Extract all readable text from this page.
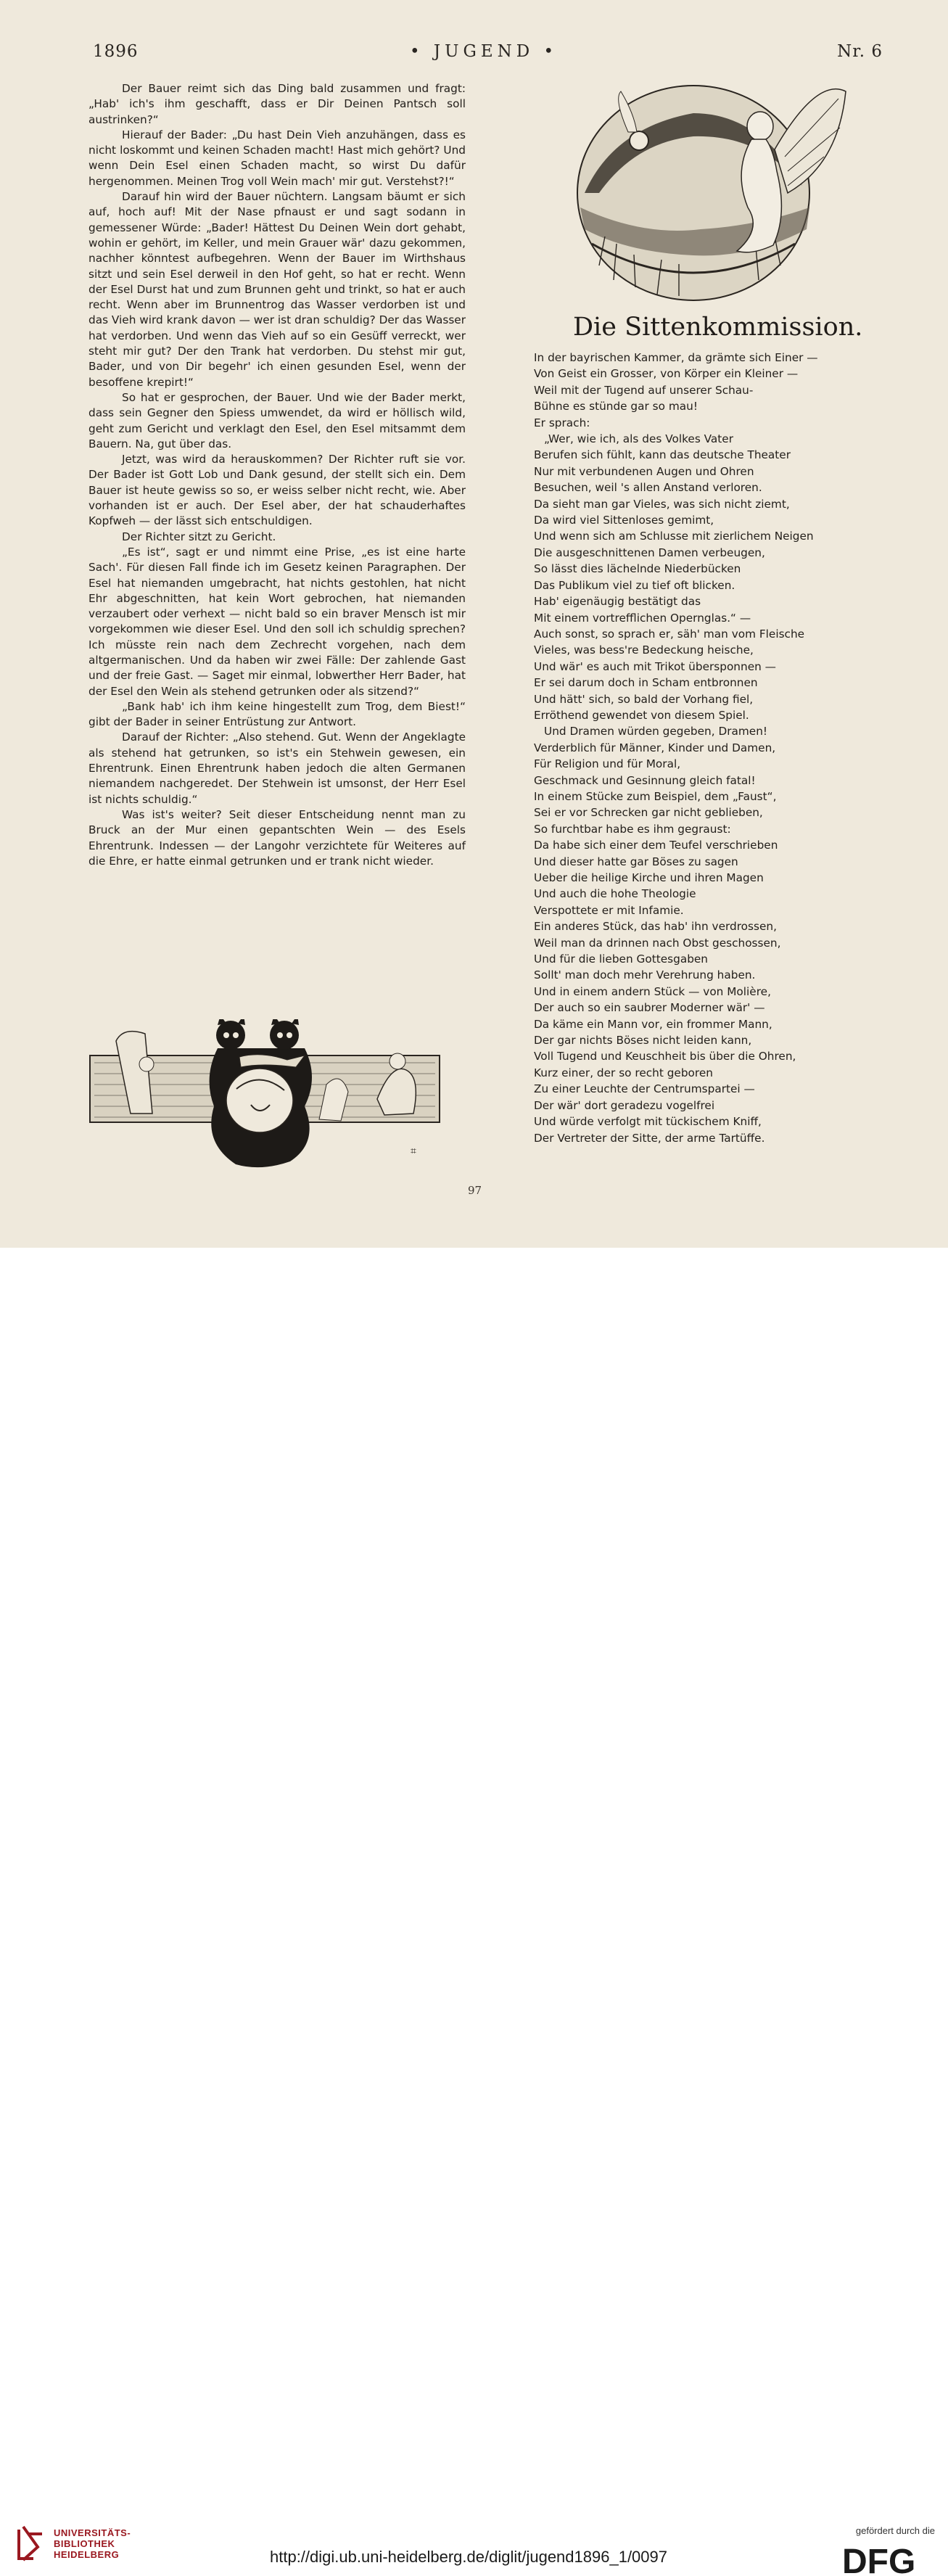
1896	• JUGEND •	Nr. 6

Der Bauer reimt sich das Ding bald zusammen und fragt: „Hab' ich's ihm geschafft, dass er Dir Deinen Pantsch soll austrinken?“

Hierauf der Bader: „Du hast Dein Vieh anzuhängen, dass es nicht loskommt und keinen Schaden macht! Hast mich gehört? Und wenn Dein Esel einen Schaden macht, so wirst Du dafür hergenommen. Meinen Trog voll Wein mach' mir gut. Verstehst?!“

Darauf hin wird der Bauer nüchtern. Langsam bäumt er sich auf, hoch auf! Mit der Nase pfnaust er und sagt sodann in gemessener Würde: „Bader! Hättest Du Deinen Wein dort gehabt, wohin er gehört, im Keller, und mein Grauer wär' dazu gekommen, nachher könntest aufbegehren. Wenn der Bauer im Wirthshaus sitzt und sein Esel derweil in den Hof geht, so hat er recht. Wenn der Esel Durst hat und zum Brunnen geht und trinkt, so hat er auch recht. Wenn aber im Brunnentrog das Wasser verdorben ist und das Vieh wird krank davon — wer ist dran schuldig? Der das Wasser hat verdorben. Und wenn das Vieh auf so ein Gesüff verreckt, wer steht mir gut? Der den Trank hat verdorben. Du stehst mir gut, Bader, und von Dir begehr' ich einen gesunden Esel, wenn der besoffene krepirt!“

So hat er gesprochen, der Bauer. Und wie der Bader merkt, dass sein Gegner den Spiess umwendet, da wird er höllisch wild, geht zum Gericht und verklagt den Esel, den Esel mitsammt dem Bauern. Na, gut über das.

Jetzt, was wird da herauskommen? Der Richter ruft sie vor. Der Bader ist Gott Lob und Dank gesund, der stellt sich ein. Dem Bauer ist heute gewiss so so, er weiss selber nicht recht, wie. Aber vorhanden ist er auch. Der Esel aber, der hat schauderhaftes Kopfweh — der lässt sich entschuldigen.

Der Richter sitzt zu Gericht.

„Es ist“, sagt er und nimmt eine Prise, „es ist eine harte Sach'. Für diesen Fall finde ich im Gesetz keinen Paragraphen. Der Esel hat niemanden umgebracht, hat nichts gestohlen, hat nicht Ehr abgeschnitten, hat kein Wort gebrochen, hat niemanden verzaubert oder verhext — nicht bald so ein braver Mensch ist mir vorgekommen wie dieser Esel. Und den soll ich schuldig sprechen? Ich müsste rein nach dem Zechrecht vorgehen, nach dem altgermanischen. Und da haben wir zwei Fälle: Der zahlende Gast und der freie Gast. — Saget mir einmal, lobwerther Herr Bader, hat der Esel den Wein als stehend getrunken oder als sitzend?“

„Bank hab' ich ihm keine hingestellt zum Trog, dem Biest!“ gibt der Bader in seiner Entrüstung zur Antwort.

Darauf der Richter: „Also stehend. Gut. Wenn der Angeklagte als stehend hat getrunken, so ist's ein Stehwein gewesen, ein Ehrentrunk. Einen Ehrentrunk haben jedoch die alten Germanen niemandem nachgeredet. Der Stehwein ist umsonst, der Herr Esel ist nichts schuldig.“

Was ist's weiter? Seit dieser Entscheidung nennt man zu Bruck an der Mur einen gepantschten Wein — des Esels Ehrentrunk. Indessen — der Langohr verzichtete für Weiteres auf die Ehre, er hatte einmal getrunken und er trank nicht wieder.

Die Sittenkommission.
In der bayrischen Kammer, da grämte sich Einer —
Von Geist ein Grosser, von Körper ein Kleiner —
Weil mit der Tugend auf unserer Schau-
Bühne es stünde gar so mau!
Er sprach:
„Wer, wie ich, als des Volkes Vater
Berufen sich fühlt, kann das deutsche Theater
Nur mit verbundenen Augen und Ohren
Besuchen, weil 's allen Anstand verloren.
Da sieht man gar Vieles, was sich nicht ziemt,
Da wird viel Sittenloses gemimt,
Und wenn sich am Schlusse mit zierlichem Neigen
Die ausgeschnittenen Damen verbeugen,
So lässt dies lächelnde Niederbücken
Das Publikum viel zu tief oft blicken.
Hab' eigenäugig bestätigt das
Mit einem vortrefflichen Opernglas.“ —
Auch sonst, so sprach er, säh' man vom Fleische
Vieles, was bess're Bedeckung heische,
Und wär' es auch mit Trikot übersponnen —
Er sei darum doch in Scham entbronnen
Und hätt' sich, so bald der Vorhang fiel,
Erröthend gewendet von diesem Spiel.
Und Dramen würden gegeben, Dramen!
Verderblich für Männer, Kinder und Damen,
Für Religion und für Moral,
Geschmack und Gesinnung gleich fatal!
In einem Stücke zum Beispiel, dem „Faust“,
Sei er vor Schrecken gar nicht geblieben,
So furchtbar habe es ihm gegraust:
Da habe sich einer dem Teufel verschrieben
Und dieser hatte gar Böses zu sagen
Ueber die heilige Kirche und ihren Magen
Und auch die hohe Theologie
Verspottete er mit Infamie.
Ein anderes Stück, das hab' ihn verdrossen,
Weil man da drinnen nach Obst geschossen,
Und für die lieben Gottesgaben
Sollt' man doch mehr Verehrung haben.
Und in einem andern Stück — von Molière,
Der auch so ein saubrer Moderner wär' —
Da käme ein Mann vor, ein frommer Mann,
Der gar nichts Böses nicht leiden kann,
Voll Tugend und Keuschheit bis über die Ohren,
Kurz einer, der so recht geboren
Zu einer Leuchte der Centrumspartei —
Der wär' dort geradezu vogelfrei
Und würde verfolgt mit tückischem Kniff,
Der Vertreter der Sitte, der arme Tartüffe.
⌗
97
UNIVERSITÄTS-
BIBLIOTHEK
HEIDELBERG	http://digi.ub.uni-heidelberg.de/diglit/jugend1896_1/0097
gefördert durch die
DFG
